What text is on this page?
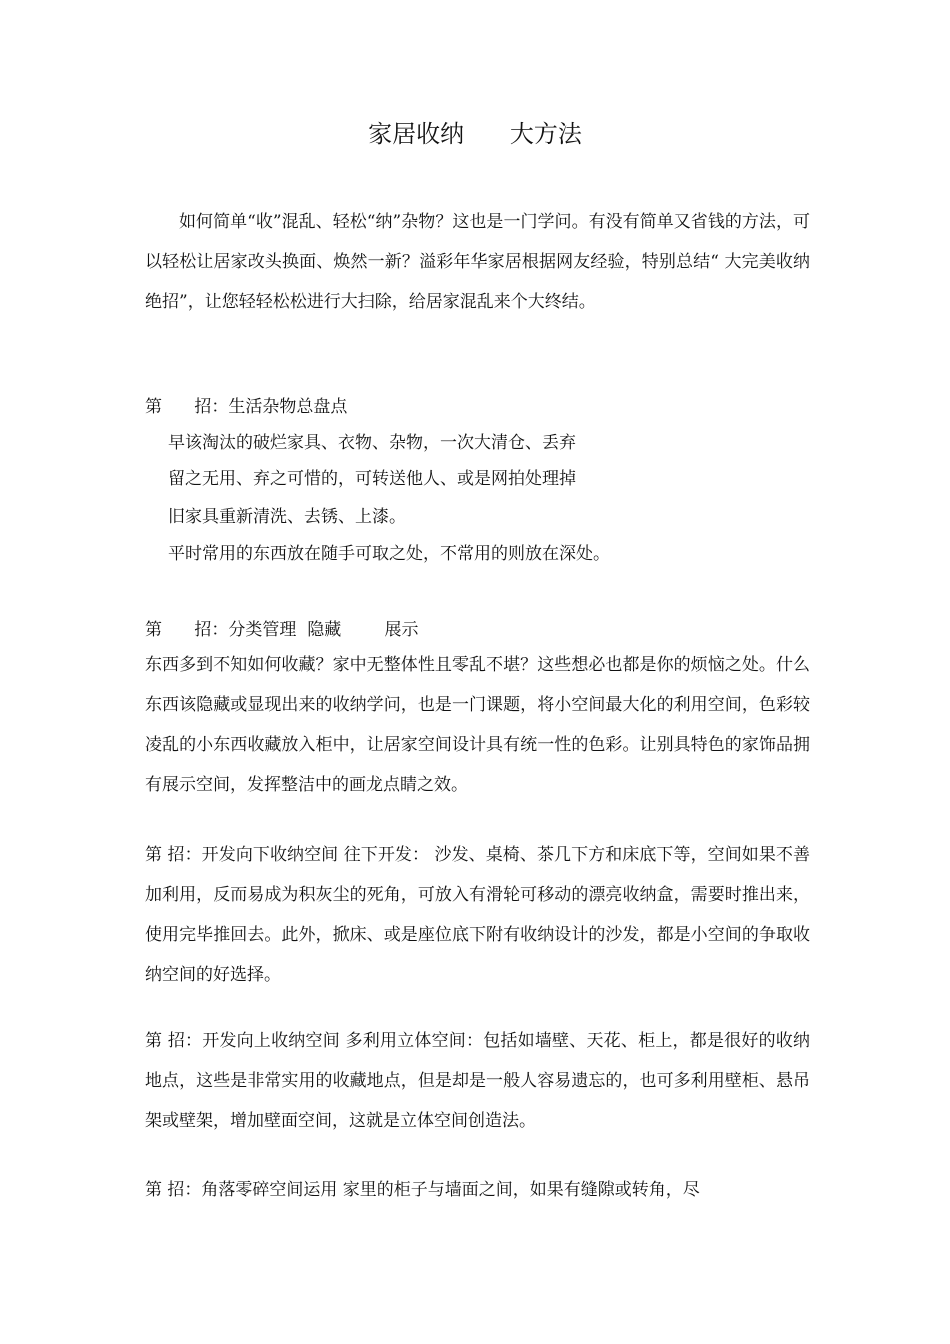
家居收纳      大方法

如何简单“收”混乱、轻松“纳”杂物？这也是一门学问。有没有简单又省钱的方法，可以轻松让居家改头换面、焕然一新？溢彩年华家居根据网友经验，特别总结“ 大完美收纳绝招”，让您轻轻松松进行大扫除，给居家混乱来个大终结。

第      招：生活杂物总盘点
早该淘汰的破烂家具、衣物、杂物，一次大清仓、丢弃
留之无用、弃之可惜的，可转送他人、或是网拍处理掉
旧家具重新清洗、去锈、上漆。
平时常用的东西放在随手可取之处，不常用的则放在深处。
第      招：分类管理  隐藏        展示

东西多到不知如何收藏？家中无整体性且零乱不堪？这些想必也都是你的烦恼之处。什么东西该隐藏或显现出来的收纳学问，也是一门课题，将小空间最大化的利用空间，色彩较凌乱的小东西收藏放入柜中，让居家空间设计具有统一性的色彩。让别具特色的家饰品拥有展示空间，发挥整洁中的画龙点睛之效。

第 招：开发向下收纳空间 往下开发： 沙发、桌椅、茶几下方和床底下等，空间如果不善加利用，反而易成为积灰尘的死角，可放入有滑轮可移动的漂亮收纳盒，需要时推出来，使用完毕推回去。此外，掀床、或是座位底下附有收纳设计的沙发，都是小空间的争取收纳空间的好选择。

第 招：开发向上收纳空间 多利用立体空间：包括如墙壁、天花、柜上，都是很好的收纳地点，这些是非常实用的收藏地点，但是却是一般人容易遗忘的，也可多利用壁柜、悬吊架或壁架，增加壁面空间，这就是立体空间创造法。

第 招：角落零碎空间运用 家里的柜子与墙面之间，如果有缝隙或转角，尽
